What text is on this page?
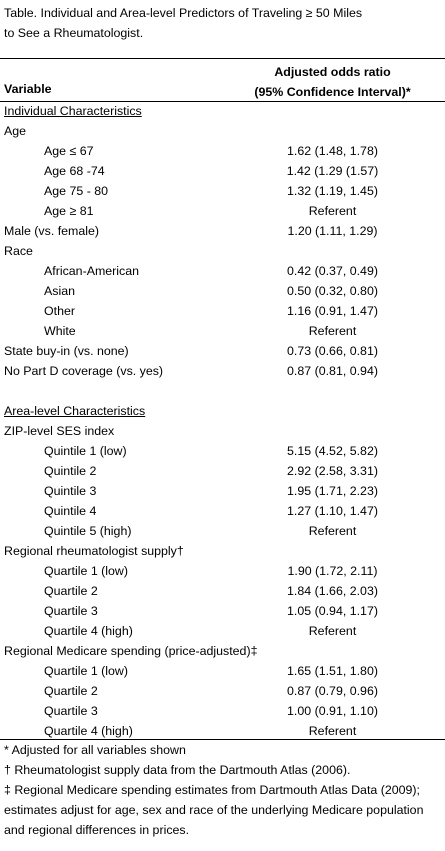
Table. Individual and Area-level Predictors of Traveling ≥ 50 Miles
to See a Rheumatologist.
Adjusted odds ratio
(95% Confidence Interval)*
Variable
Individual Characteristics
Age
Age ≤ 67	1.62 (1.48, 1.78)
Age 68 -74	1.42 (1.29 (1.57)
Age 75 - 80	1.32 (1.19, 1.45)
Age ≥ 81	Referent
Male (vs. female)	1.20 (1.11, 1.29)
Race
African-American	0.42 (0.37, 0.49)
Asian	0.50 (0.32, 0.80)
Other	1.16 (0.91, 1.47)
White	Referent
State buy-in (vs. none)	0.73 (0.66, 0.81)
No Part D coverage (vs. yes)	0.87 (0.81, 0.94)
Area-level Characteristics
ZIP-level SES index
Quintile 1 (low)	5.15 (4.52, 5.82)
Quintile 2	2.92 (2.58, 3.31)
Quintile 3	1.95 (1.71, 2.23)
Quintile 4	1.27 (1.10, 1.47)
Quintile 5 (high)	Referent
Regional rheumatologist supply†
Quartile 1 (low)	1.90 (1.72, 2.11)
Quartile 2	1.84 (1.66, 2.03)
Quartile 3	1.05 (0.94, 1.17)
Quartile 4 (high)	Referent
Regional Medicare spending (price-adjusted)‡
Quartile 1 (low)	1.65 (1.51, 1.80)
Quartile 2	0.87 (0.79, 0.96)
Quartile 3	1.00 (0.91, 1.10)
Quartile 4 (high)	Referent
* Adjusted for all variables shown
† Rheumatologist supply data from the Dartmouth Atlas (2006).
‡ Regional Medicare spending estimates from Dartmouth Atlas Data (2009); estimates adjust for age, sex and race of the underlying Medicare population and regional differences in prices.
